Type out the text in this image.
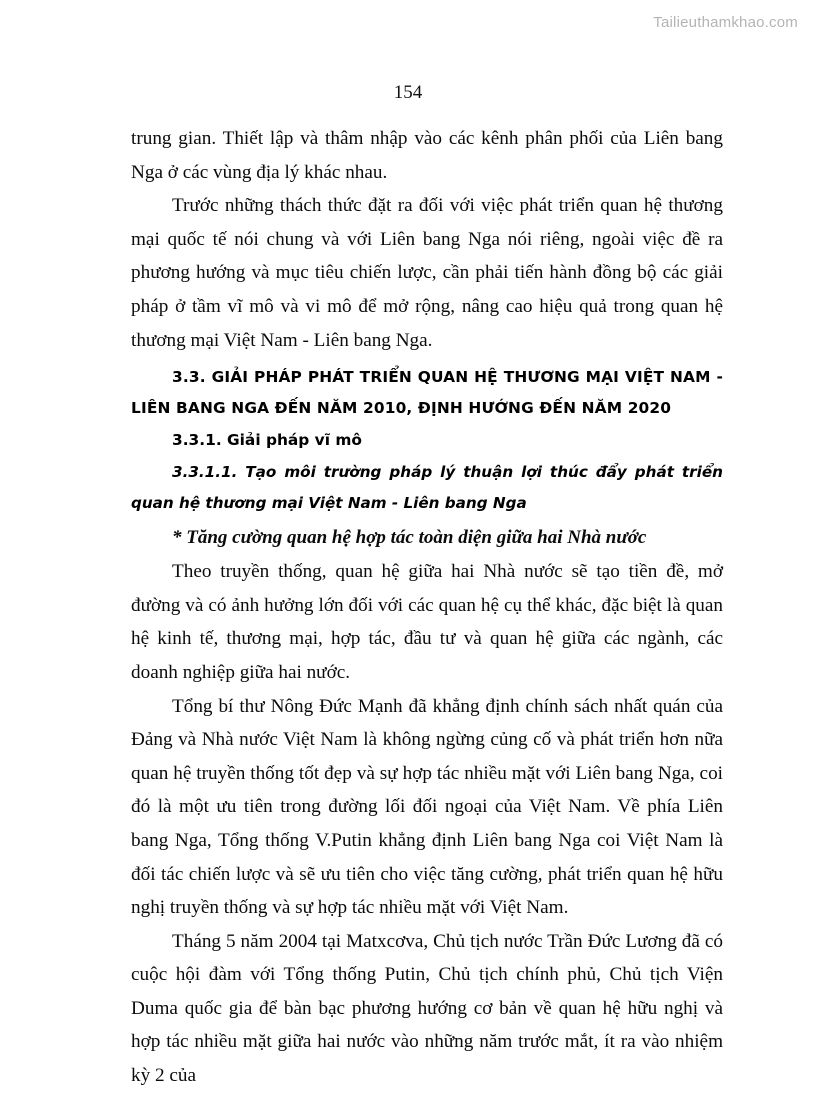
Tailieuthamkhao.com
154

trung gian. Thiết lập và thâm nhập vào các kênh phân phối của Liên bang Nga ở các vùng địa lý khác nhau.

Trước những thách thức đặt ra đối với việc phát triển quan hệ thương mại quốc tế nói chung và với Liên bang Nga nói riêng, ngoài việc đề ra phương hướng và mục tiêu chiến lược, cần phải tiến hành đồng bộ các giải pháp ở tầm vĩ mô và vi mô để mở rộng, nâng cao hiệu quả trong quan hệ thương mại Việt Nam - Liên bang Nga.

3.3. GIẢI PHÁP PHÁT TRIỂN QUAN HỆ THƯƠNG MẠI VIỆT NAM - LIÊN BANG NGA ĐẾN NĂM 2010, ĐỊNH HƯỚNG ĐẾN NĂM 2020

3.3.1. Giải pháp vĩ mô

3.3.1.1. Tạo môi trường pháp lý thuận lợi thúc đẩy phát triển quan hệ thương mại Việt Nam - Liên bang Nga

* Tăng cường quan hệ hợp tác toàn diện giữa hai Nhà nước

Theo truyền thống, quan hệ giữa hai Nhà nước sẽ tạo tiền đề, mở đường và có ảnh hưởng lớn đối với các quan hệ cụ thể khác, đặc biệt là quan hệ kinh tế, thương mại, hợp tác, đầu tư và quan hệ giữa các ngành, các doanh nghiệp giữa hai nước.

Tổng bí thư Nông Đức Mạnh đã khẳng định chính sách nhất quán của Đảng và Nhà nước Việt Nam là không ngừng củng cố và phát triển hơn nữa quan hệ truyền thống tốt đẹp và sự hợp tác nhiều mặt với Liên bang Nga, coi đó là một ưu tiên trong đường lối đối ngoại của Việt Nam. Về phía Liên bang Nga, Tổng thống V.Putin khẳng định Liên bang Nga coi Việt Nam là đối tác chiến lược và sẽ ưu tiên cho việc tăng cường, phát triển quan hệ hữu nghị truyền thống và sự hợp tác nhiều mặt với Việt Nam.

Tháng 5 năm 2004 tại Matxcơva, Chủ tịch nước Trần Đức Lương đã có cuộc hội đàm với Tổng thống Putin, Chủ tịch chính phủ, Chủ tịch Viện Duma quốc gia để bàn bạc phương hướng cơ bản về quan hệ hữu nghị và hợp tác nhiều mặt giữa hai nước vào những năm trước mắt, ít ra vào nhiệm kỳ 2 của
